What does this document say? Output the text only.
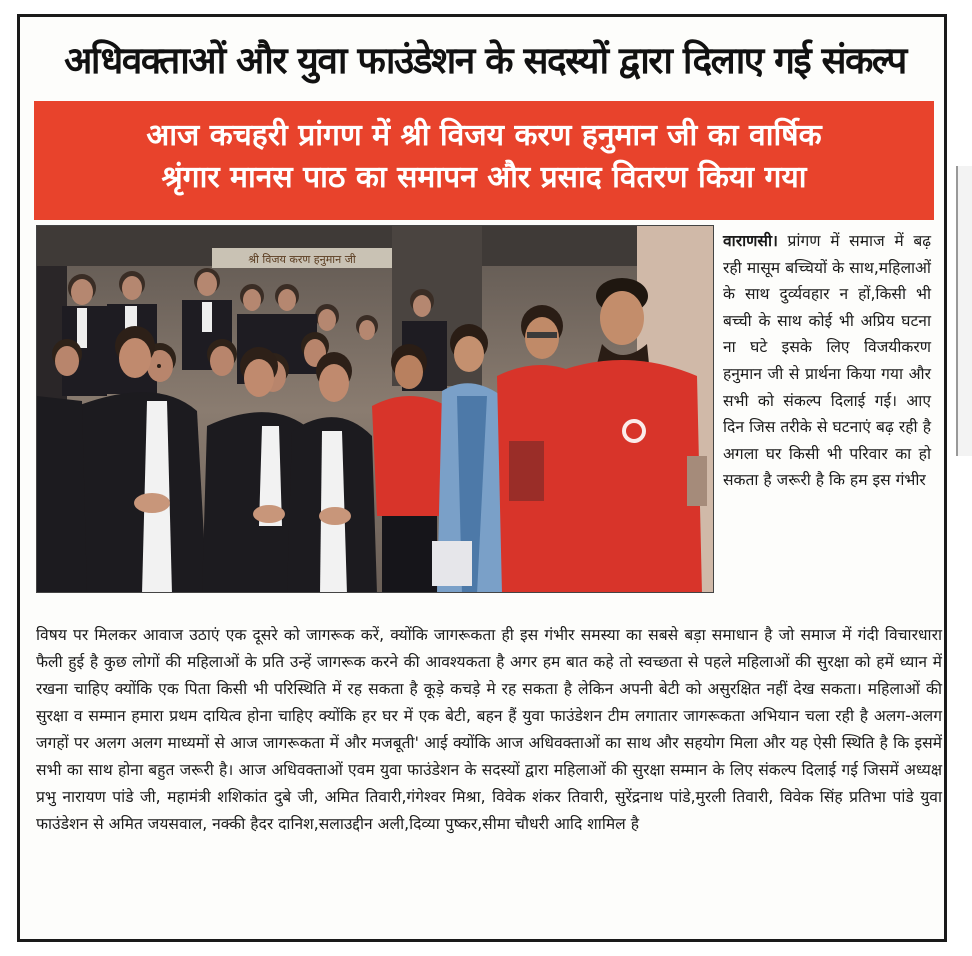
अधिवक्ताओं और युवा फाउंडेशन के सदस्यों द्वारा दिलाए गई संकल्प
आज कचहरी प्रांगण में श्री विजय करण हनुमान जी का वार्षिक
श्रृंगार मानस पाठ का समापन और प्रसाद वितरण किया गया
श्री विजय करण हनुमान जी
वाराणसी। प्रांगण में समाज में बढ़ रही मासूम बच्चियों के साथ,महिलाओं के साथ दुर्व्यवहार न हों,किसी भी बच्ची के साथ कोई भी अप्रिय घटना ना घटे इसके लिए विजयीकरण हनुमान जी से प्रार्थना किया गया और सभी को संकल्प दिलाई गई। आए दिन जिस तरीके से घटनाएं बढ़ रही है अगला घर किसी भी परिवार का हो सकता है जरूरी है कि हम इस गंभीर
विषय पर मिलकर आवाज उठाएं एक दूसरे को जागरूक करें, क्योंकि जागरूकता ही इस गंभीर समस्या का सबसे बड़ा समाधान है जो समाज में गंदी विचारधारा फैली हुई है कुछ लोगों की महिलाओं के प्रति उन्हें जागरूक करने की आवश्यकता है अगर हम बात कहे तो स्वच्छता से पहले महिलाओं की सुरक्षा को हमें ध्यान में रखना चाहिए क्योंकि एक पिता किसी भी परिस्थिति में रह सकता है कूड़े कचड़े मे रह सकता है लेकिन अपनी बेटी को असुरक्षित नहीं देख सकता। महिलाओं की सुरक्षा व सम्मान हमारा प्रथम दायित्व होना चाहिए क्योंकि हर घर में एक बेटी, बहन हैं युवा फाउंडेशन टीम लगातार जागरूकता अभियान चला रही है अलग-अलग जगहों पर अलग अलग माध्यमों से आज जागरूकता में और मजबूती' आई क्योंकि आज अधिवक्ताओं का साथ और सहयोग मिला और यह ऐसी स्थिति है कि इसमें सभी का साथ होना बहुत जरूरी है। आज अधिवक्ताओं एवम युवा फाउंडेशन के सदस्यों द्वारा महिलाओं की सुरक्षा सम्मान के लिए संकल्प दिलाई गई जिसमें अध्यक्ष प्रभु नारायण पांडे जी, महामंत्री शशिकांत दुबे जी, अमित तिवारी,गंगेश्वर मिश्रा, विवेक शंकर तिवारी, सुरेंद्रनाथ पांडे,मुरली तिवारी, विवेक सिंह प्रतिभा पांडे युवा फाउंडेशन से अमित जयसवाल, नक्की हैदर दानिश,सलाउद्दीन अली,दिव्या पुष्कर,सीमा चौधरी आदि शामिल है
